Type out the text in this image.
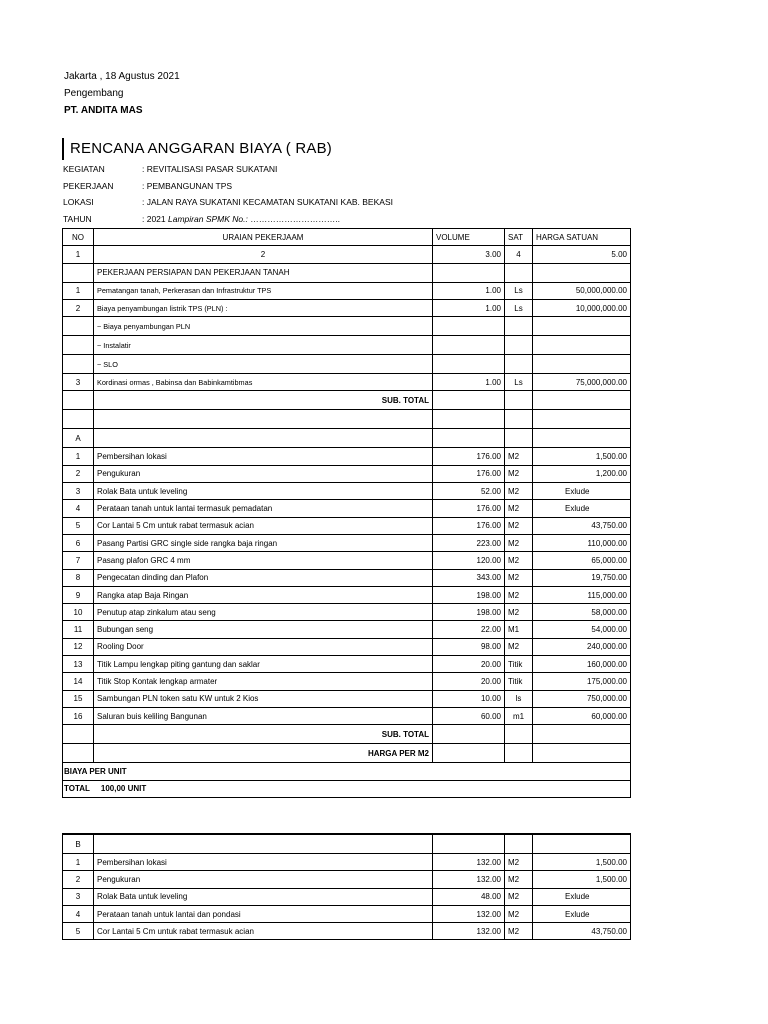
Jakarta , 18 Agustus 2021
Pengembang
PT. ANDITA MAS
RENCANA ANGGARAN BIAYA ( RAB)
KEGIATAN	: REVITALISASI PASAR SUKATANI
PEKERJAAN	: PEMBANGUNAN TPS
LOKASI	: JALAN RAYA SUKATANI KECAMATAN SUKATANI KAB. BEKASI
TAHUN	: 2021 Lampiran SPMK No.: …………………………..
NO	URAIAN PEKERJAAM	VOLUME	SAT	HARGA SATUAN
1	2	3.00	4	5.00
	PEKERJAAN PERSIAPAN DAN PEKERJAAN TANAH			
1	Pematangan tanah, Perkerasan dan Infrastruktur TPS	1.00	Ls	50,000,000.00
2	Biaya penyambungan listrik TPS (PLN) :	1.00	Ls	10,000,000.00
	~ Biaya penyambungan PLN			
	~ Instalatir			
	~ SLO			
3	Kordinasi ormas , Babinsa dan Babinkamtibmas	1.00	Ls	75,000,000.00
	SUB. TOTAL			

A				
1	Pembersihan lokasi	176.00	M2	1,500.00
2	Pengukuran	176.00	M2	1,200.00
3	Rolak Bata untuk leveling	52.00	M2	Exlude
4	Perataan tanah untuk lantai termasuk pemadatan	176.00	M2	Exlude
5	Cor Lantai 5 Cm untuk rabat termasuk acian	176.00	M2	43,750.00
6	Pasang Partisi GRC single side rangka baja ringan	223.00	M2	110,000.00
7	Pasang plafon GRC 4 mm	120.00	M2	65,000.00
8	Pengecatan dinding dan Plafon	343.00	M2	19,750.00
9	Rangka atap Baja Ringan	198.00	M2	115,000.00
10	Penutup atap zinkalum atau seng	198.00	M2	58,000.00
11	Bubungan seng	22.00	M1	54,000.00
12	Rooling Door	98.00	M2	240,000.00
13	Titik Lampu lengkap piting gantung dan saklar	20.00	Titik	160,000.00
14	Titik Stop Kontak lengkap armater	20.00	Titik	175,000.00
15	Sambungan PLN token satu KW untuk 2 Kios	10.00	ls	750,000.00
16	Saluran buis keliling Bangunan	60.00	m1	60,000.00
	SUB. TOTAL			
	HARGA PER M2			
BIAYA PER UNIT				
TOTAL     100,00 UNIT				
B				
1	Pembersihan lokasi	132.00	M2	1,500.00
2	Pengukuran	132.00	M2	1,500.00
3	Rolak Bata untuk leveling	48.00	M2	Exlude
4	Perataan tanah untuk lantai dan pondasi	132.00	M2	Exlude
5	Cor Lantai 5 Cm untuk rabat termasuk acian	132.00	M2	43,750.00
